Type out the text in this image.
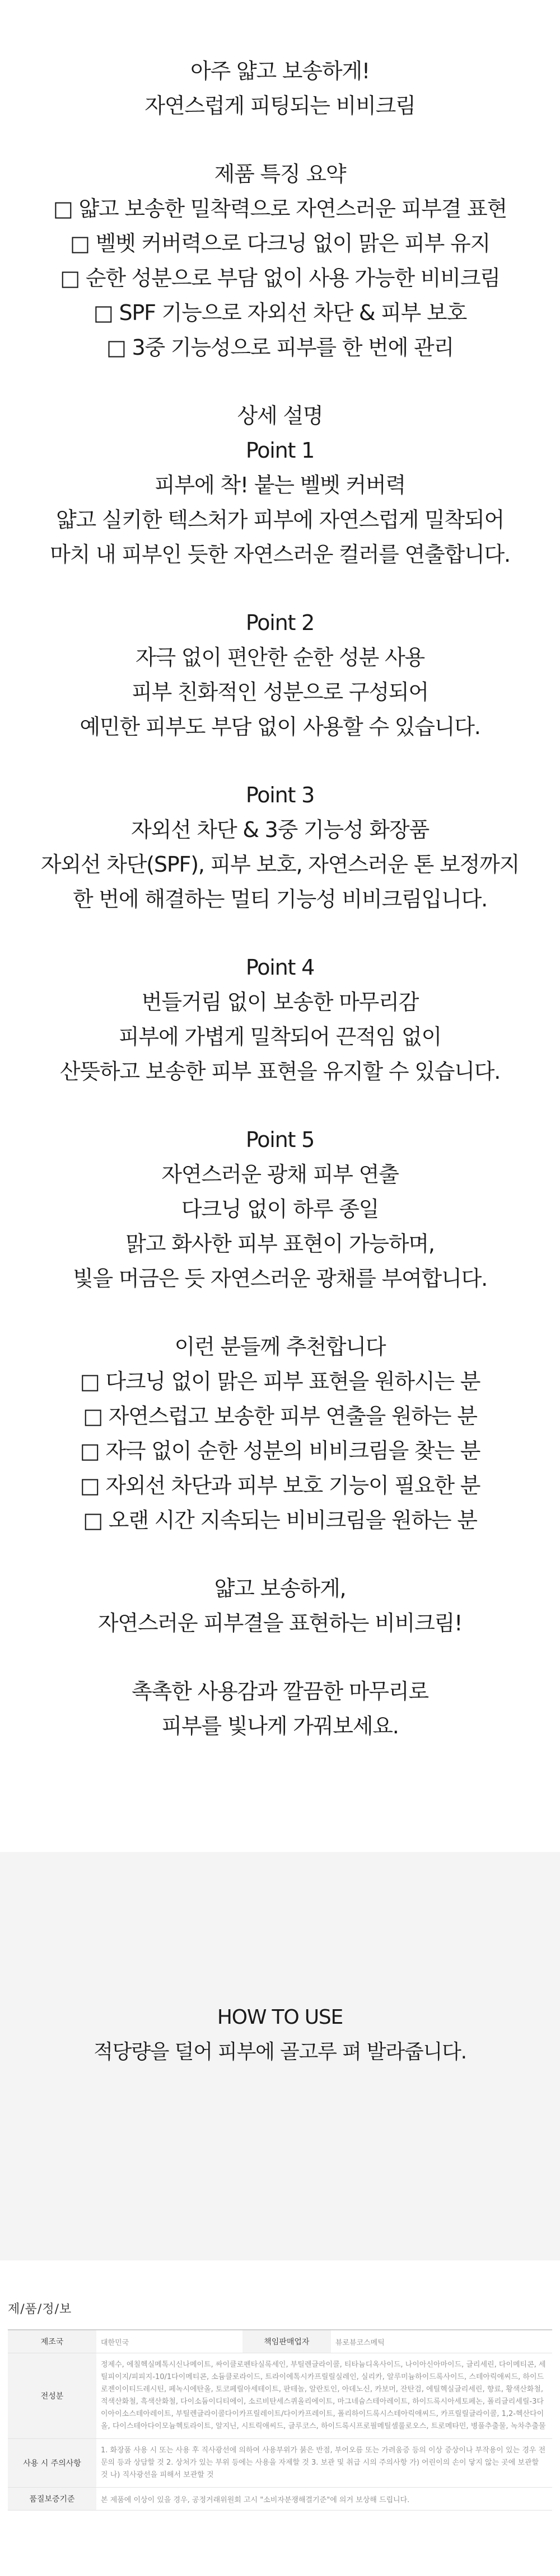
아주 얇고 보송하게!
자연스럽게 피팅되는 비비크림
제품 특징 요약
□ 얇고 보송한 밀착력으로 자연스러운 피부결 표현
□ 벨벳 커버력으로 다크닝 없이 맑은 피부 유지
□ 순한 성분으로 부담 없이 사용 가능한 비비크림
□ SPF 기능으로 자외선 차단 & 피부 보호
□ 3중 기능성으로 피부를 한 번에 관리
상세 설명
Point 1
피부에 착! 붙는 벨벳 커버력
얇고 실키한 텍스처가 피부에 자연스럽게 밀착되어
마치 내 피부인 듯한 자연스러운 컬러를 연출합니다.
Point 2
자극 없이 편안한 순한 성분 사용
피부 친화적인 성분으로 구성되어
예민한 피부도 부담 없이 사용할 수 있습니다.
Point 3
자외선 차단 & 3중 기능성 화장품
자외선 차단(SPF), 피부 보호, 자연스러운 톤 보정까지
한 번에 해결하는 멀티 기능성 비비크림입니다.
Point 4
번들거림 없이 보송한 마무리감
피부에 가볍게 밀착되어 끈적임 없이
산뜻하고 보송한 피부 표현을 유지할 수 있습니다.
Point 5
자연스러운 광채 피부 연출
다크닝 없이 하루 종일
맑고 화사한 피부 표현이 가능하며,
빛을 머금은 듯 자연스러운 광채를 부여합니다.
이런 분들께 추천합니다
□ 다크닝 없이 맑은 피부 표현을 원하시는 분
□ 자연스럽고 보송한 피부 연출을 원하는 분
□ 자극 없이 순한 성분의 비비크림을 찾는 분
□ 자외선 차단과 피부 보호 기능이 필요한 분
□ 오랜 시간 지속되는 비비크림을 원하는 분
얇고 보송하게,
자연스러운 피부결을 표현하는 비비크림!
촉촉한 사용감과 깔끔한 마무리로
피부를 빛나게 가꿔보세요.
HOW TO USE
적당량을 덜어 피부에 골고루 펴 발라줍니다.
제/품/정/보
제조국	대한민국	책임판매업자	뷰로뷰코스메틱
전성분	정제수, 에칠헥실메톡시신나메이트, 싸이클로펜타실록세인, 부틸렌글라이콜, 티타늄디옥사이드, 나이아신아마이드, 글리세린, 다이메티콘, 세틸피이지/피피지-10/1다이메티콘, 소듐클로라이드, 트라이에톡시카프릴릴실레인, 실리카, 알루미늄하이드록사이드, 스테아릭애씨드, 하이드로젠이이티드레시틴, 페녹시에탄올, 토코페릴아세테이트, 판테놀, 알란토인, 아데노신, 카보머, 잔탄검, 에틸헥실글리세린, 향료, 황색산화철, 적색산화철, 흑색산화철, 다이소듐이디티에이, 소르비탄세스퀴올리에이트, 마그네슘스테아레이트, 하이드록시아세토페논, 폴리글리세릴-3다이아이소스테아레이트, 부틸렌글라이콜다이카프릴레이트/다이카프레이트, 폴리하이드록시스테아릭애씨드, 카프릴릴글라이콜, 1,2-헥산다이올, 다이스테아다이모늄헥토라이트, 알지닌, 시트릭애씨드, 글루코스, 하이드록시프로필메틸셀룰로오스, 트로메타민, 병풀추출물, 녹차추출물		
사용 시 주의사항	1. 화장품 사용 시 또는 사용 후 직사광선에 의하여 사용부위가 붉은 반점, 부어오름 또는 가려움증 등의 이상 증상이나 부작용이 있는 경우 전문의 등과 상담할 것 2. 상처가 있는 부위 등에는 사용을 자제할 것 3. 보관 및 취급 시의 주의사항 가) 어린이의 손이 닿지 않는 곳에 보관할 것 나) 직사광선을 피해서 보관할 것		
품질보증기준	본 제품에 이상이 있을 경우, 공정거래위원회 고시 "소비자분쟁해결기준"에 의거 보상해 드립니다.		
